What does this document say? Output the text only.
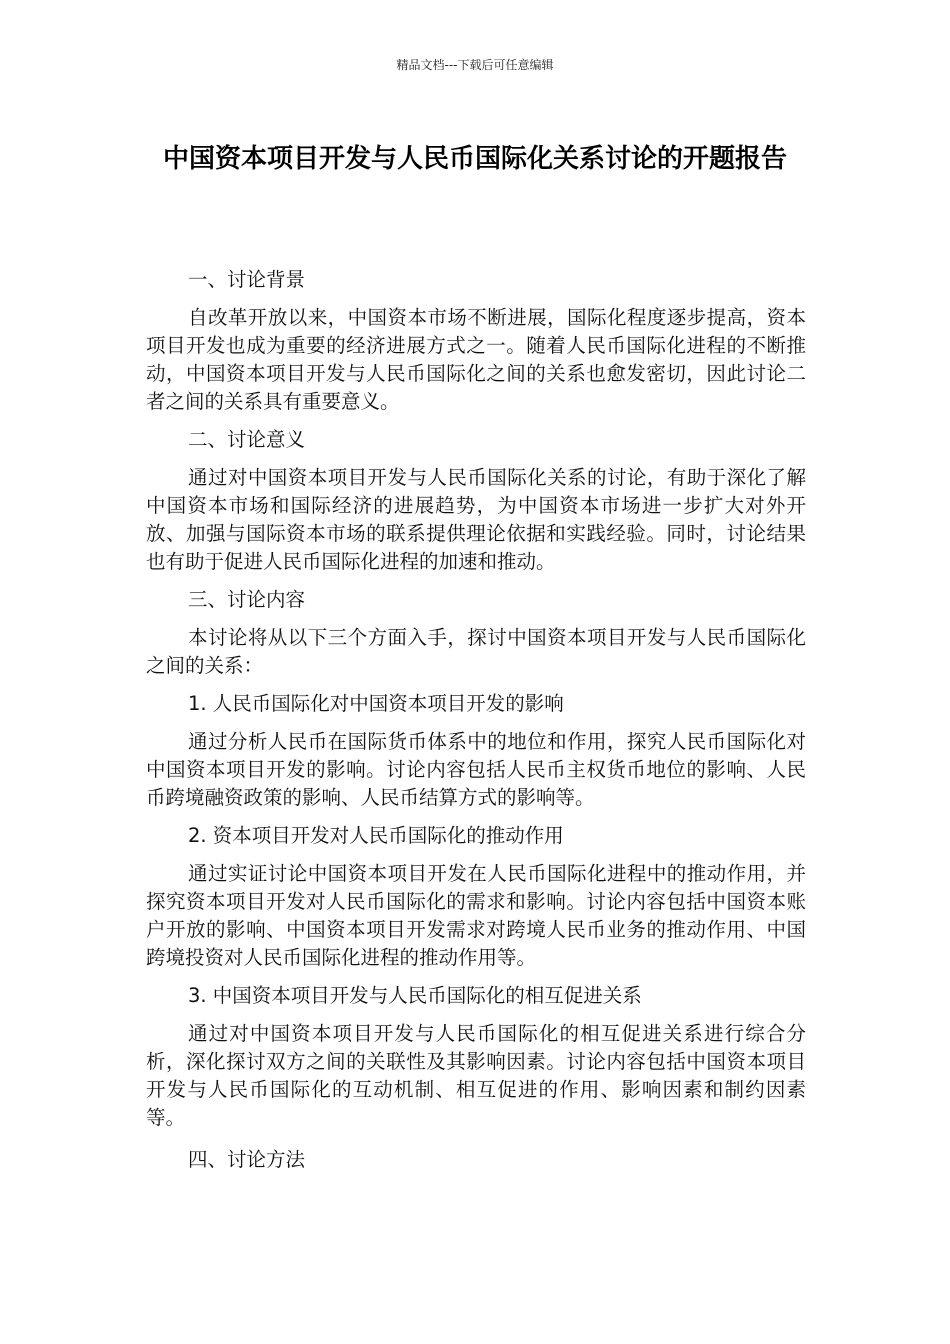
精品文档---下载后可任意编辑
中国资本项目开发与人民币国际化关系讨论的开题报告

一、讨论背景

自改革开放以来，中国资本市场不断进展，国际化程度逐步提高，资本项目开发也成为重要的经济进展方式之一。随着人民币国际化进程的不断推动，中国资本项目开发与人民币国际化之间的关系也愈发密切，因此讨论二者之间的关系具有重要意义。

二、讨论意义

通过对中国资本项目开发与人民币国际化关系的讨论，有助于深化了解中国资本市场和国际经济的进展趋势，为中国资本市场进一步扩大对外开放、加强与国际资本市场的联系提供理论依据和实践经验。同时，讨论结果也有助于促进人民币国际化进程的加速和推动。

三、讨论内容

本讨论将从以下三个方面入手，探讨中国资本项目开发与人民币国际化之间的关系：

1. 人民币国际化对中国资本项目开发的影响

通过分析人民币在国际货币体系中的地位和作用，探究人民币国际化对中国资本项目开发的影响。讨论内容包括人民币主权货币地位的影响、人民币跨境融资政策的影响、人民币结算方式的影响等。

2. 资本项目开发对人民币国际化的推动作用

通过实证讨论中国资本项目开发在人民币国际化进程中的推动作用，并探究资本项目开发对人民币国际化的需求和影响。讨论内容包括中国资本账户开放的影响、中国资本项目开发需求对跨境人民币业务的推动作用、中国跨境投资对人民币国际化进程的推动作用等。

3. 中国资本项目开发与人民币国际化的相互促进关系

通过对中国资本项目开发与人民币国际化的相互促进关系进行综合分析，深化探讨双方之间的关联性及其影响因素。讨论内容包括中国资本项目开发与人民币国际化的互动机制、相互促进的作用、影响因素和制约因素等。

四、讨论方法
